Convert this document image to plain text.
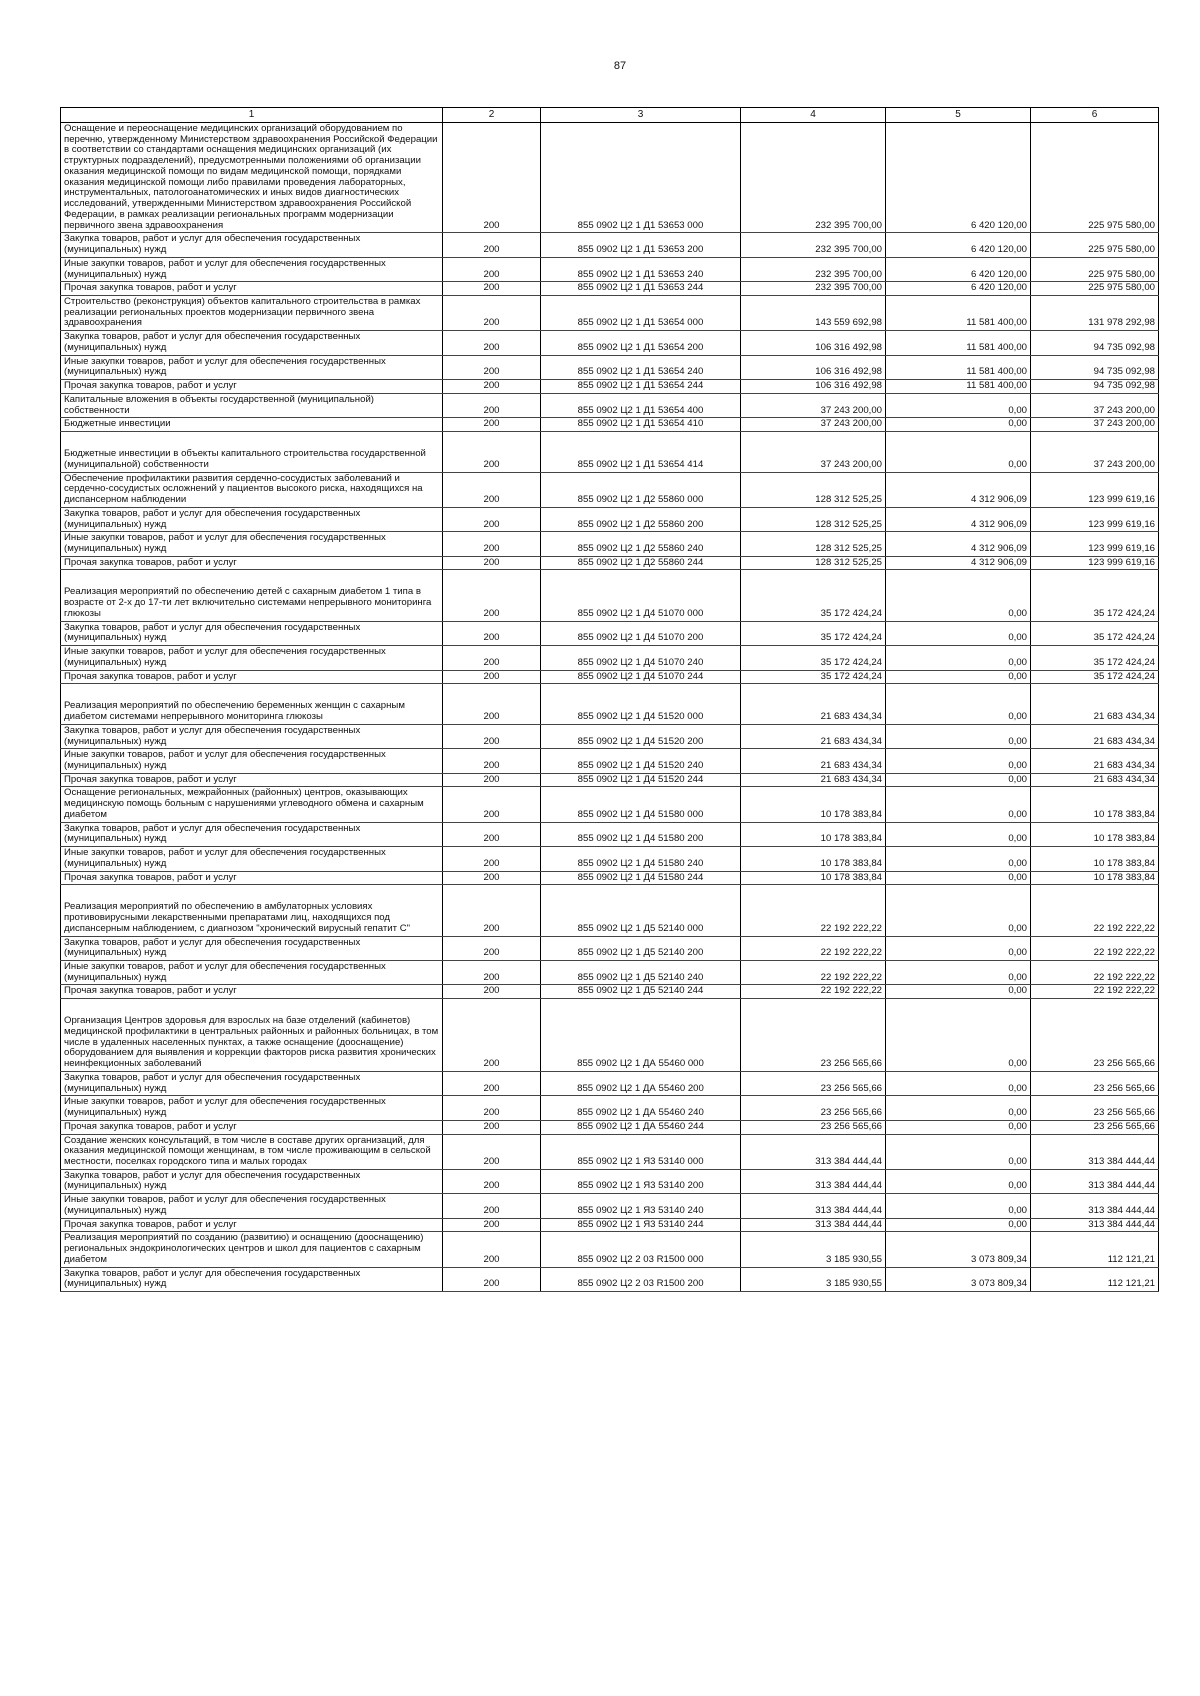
87
1	2	3	4	5	6
Оснащение и переоснащение медицинских организаций оборудованием по перечню, утвержденному Министерством здравоохранения Российской Федерации в соответствии со стандартами оснащения медицинских организаций (их структурных подразделений), предусмотренными положениями об организации оказания медицинской помощи по видам медицинской помощи, порядками оказания медицинской помощи либо правилами проведения лабораторных, инструментальных, патологоанатомических и иных видов диагностических исследований, утвержденными Министерством здравоохранения Российской Федерации, в рамках реализации региональных программ модернизации первичного звена здравоохранения	200	855 0902 Ц2 1 Д1 53653 000	232 395 700,00	6 420 120,00	225 975 580,00
Закупка товаров, работ и услуг для обеспечения государственных (муниципальных) нужд	200	855 0902 Ц2 1 Д1 53653 200	232 395 700,00	6 420 120,00	225 975 580,00
Иные закупки товаров, работ и услуг для обеспечения государственных (муниципальных) нужд	200	855 0902 Ц2 1 Д1 53653 240	232 395 700,00	6 420 120,00	225 975 580,00
Прочая закупка товаров, работ и услуг	200	855 0902 Ц2 1 Д1 53653 244	232 395 700,00	6 420 120,00	225 975 580,00
Строительство (реконструкция) объектов капитального строительства в рамках реализации региональных проектов модернизации первичного звена здравоохранения	200	855 0902 Ц2 1 Д1 53654 000	143 559 692,98	11 581 400,00	131 978 292,98
Закупка товаров, работ и услуг для обеспечения государственных (муниципальных) нужд	200	855 0902 Ц2 1 Д1 53654 200	106 316 492,98	11 581 400,00	94 735 092,98
Иные закупки товаров, работ и услуг для обеспечения государственных (муниципальных) нужд	200	855 0902 Ц2 1 Д1 53654 240	106 316 492,98	11 581 400,00	94 735 092,98
Прочая закупка товаров, работ и услуг	200	855 0902 Ц2 1 Д1 53654 244	106 316 492,98	11 581 400,00	94 735 092,98
Капитальные вложения в объекты государственной (муниципальной) собственности	200	855 0902 Ц2 1 Д1 53654 400	37 243 200,00	0,00	37 243 200,00
Бюджетные инвестиции	200	855 0902 Ц2 1 Д1 53654 410	37 243 200,00	0,00	37 243 200,00

Бюджетные инвестиции в объекты капитального строительства государственной (муниципальной) собственности	200	855 0902 Ц2 1 Д1 53654 414	37 243 200,00	0,00	37 243 200,00
Обеспечение профилактики развития сердечно-сосудистых заболеваний и сердечно-сосудистых осложнений у пациентов высокого риска, находящихся на диспансерном наблюдении	200	855 0902 Ц2 1 Д2 55860 000	128 312 525,25	4 312 906,09	123 999 619,16
Закупка товаров, работ и услуг для обеспечения государственных (муниципальных) нужд	200	855 0902 Ц2 1 Д2 55860 200	128 312 525,25	4 312 906,09	123 999 619,16
Иные закупки товаров, работ и услуг для обеспечения государственных (муниципальных) нужд	200	855 0902 Ц2 1 Д2 55860 240	128 312 525,25	4 312 906,09	123 999 619,16
Прочая закупка товаров, работ и услуг	200	855 0902 Ц2 1 Д2 55860 244	128 312 525,25	4 312 906,09	123 999 619,16

Реализация мероприятий по обеспечению детей с сахарным диабетом 1 типа в возрасте от 2-х до 17-ти лет включительно системами непрерывного мониторинга глюкозы	200	855 0902 Ц2 1 Д4 51070 000	35 172 424,24	0,00	35 172 424,24
Закупка товаров, работ и услуг для обеспечения государственных (муниципальных) нужд	200	855 0902 Ц2 1 Д4 51070 200	35 172 424,24	0,00	35 172 424,24
Иные закупки товаров, работ и услуг для обеспечения государственных (муниципальных) нужд	200	855 0902 Ц2 1 Д4 51070 240	35 172 424,24	0,00	35 172 424,24
Прочая закупка товаров, работ и услуг	200	855 0902 Ц2 1 Д4 51070 244	35 172 424,24	0,00	35 172 424,24

Реализация мероприятий по обеспечению беременных женщин с сахарным диабетом системами непрерывного мониторинга глюкозы	200	855 0902 Ц2 1 Д4 51520 000	21 683 434,34	0,00	21 683 434,34
Закупка товаров, работ и услуг для обеспечения государственных (муниципальных) нужд	200	855 0902 Ц2 1 Д4 51520 200	21 683 434,34	0,00	21 683 434,34
Иные закупки товаров, работ и услуг для обеспечения государственных (муниципальных) нужд	200	855 0902 Ц2 1 Д4 51520 240	21 683 434,34	0,00	21 683 434,34
Прочая закупка товаров, работ и услуг	200	855 0902 Ц2 1 Д4 51520 244	21 683 434,34	0,00	21 683 434,34
Оснащение региональных, межрайонных (районных) центров, оказывающих медицинскую помощь больным с нарушениями углеводного обмена и сахарным диабетом	200	855 0902 Ц2 1 Д4 51580 000	10 178 383,84	0,00	10 178 383,84
Закупка товаров, работ и услуг для обеспечения государственных (муниципальных) нужд	200	855 0902 Ц2 1 Д4 51580 200	10 178 383,84	0,00	10 178 383,84
Иные закупки товаров, работ и услуг для обеспечения государственных (муниципальных) нужд	200	855 0902 Ц2 1 Д4 51580 240	10 178 383,84	0,00	10 178 383,84
Прочая закупка товаров, работ и услуг	200	855 0902 Ц2 1 Д4 51580 244	10 178 383,84	0,00	10 178 383,84

Реализация мероприятий по обеспечению в амбулаторных условиях противовирусными лекарственными препаратами лиц, находящихся под диспансерным наблюдением, с диагнозом "хронический вирусный гепатит С"	200	855 0902 Ц2 1 Д5 52140 000	22 192 222,22	0,00	22 192 222,22
Закупка товаров, работ и услуг для обеспечения государственных (муниципальных) нужд	200	855 0902 Ц2 1 Д5 52140 200	22 192 222,22	0,00	22 192 222,22
Иные закупки товаров, работ и услуг для обеспечения государственных (муниципальных) нужд	200	855 0902 Ц2 1 Д5 52140 240	22 192 222,22	0,00	22 192 222,22
Прочая закупка товаров, работ и услуг	200	855 0902 Ц2 1 Д5 52140 244	22 192 222,22	0,00	22 192 222,22

Организация Центров здоровья для взрослых на базе отделений (кабинетов) медицинской профилактики в центральных районных и районных больницах, в том числе в удаленных населенных пунктах, а также оснащение (дооснащение) оборудованием для выявления и коррекции факторов риска развития хронических неинфекционных заболеваний	200	855 0902 Ц2 1 ДА 55460 000	23 256 565,66	0,00	23 256 565,66
Закупка товаров, работ и услуг для обеспечения государственных (муниципальных) нужд	200	855 0902 Ц2 1 ДА 55460 200	23 256 565,66	0,00	23 256 565,66
Иные закупки товаров, работ и услуг для обеспечения государственных (муниципальных) нужд	200	855 0902 Ц2 1 ДА 55460 240	23 256 565,66	0,00	23 256 565,66
Прочая закупка товаров, работ и услуг	200	855 0902 Ц2 1 ДА 55460 244	23 256 565,66	0,00	23 256 565,66
Создание женских консультаций, в том числе в составе других организаций, для оказания медицинской помощи женщинам, в том числе проживающим в сельской местности, поселках городского типа и малых городах	200	855 0902 Ц2 1 Я3 53140 000	313 384 444,44	0,00	313 384 444,44
Закупка товаров, работ и услуг для обеспечения государственных (муниципальных) нужд	200	855 0902 Ц2 1 Я3 53140 200	313 384 444,44	0,00	313 384 444,44
Иные закупки товаров, работ и услуг для обеспечения государственных (муниципальных) нужд	200	855 0902 Ц2 1 Я3 53140 240	313 384 444,44	0,00	313 384 444,44
Прочая закупка товаров, работ и услуг	200	855 0902 Ц2 1 Я3 53140 244	313 384 444,44	0,00	313 384 444,44
Реализация мероприятий по созданию (развитию) и оснащению (дооснащению) региональных эндокринологических центров и школ для пациентов с сахарным диабетом	200	855 0902 Ц2 2 03 R1500 000	3 185 930,55	3 073 809,34	112 121,21
Закупка товаров, работ и услуг для обеспечения государственных (муниципальных) нужд	200	855 0902 Ц2 2 03 R1500 200	3 185 930,55	3 073 809,34	112 121,21
